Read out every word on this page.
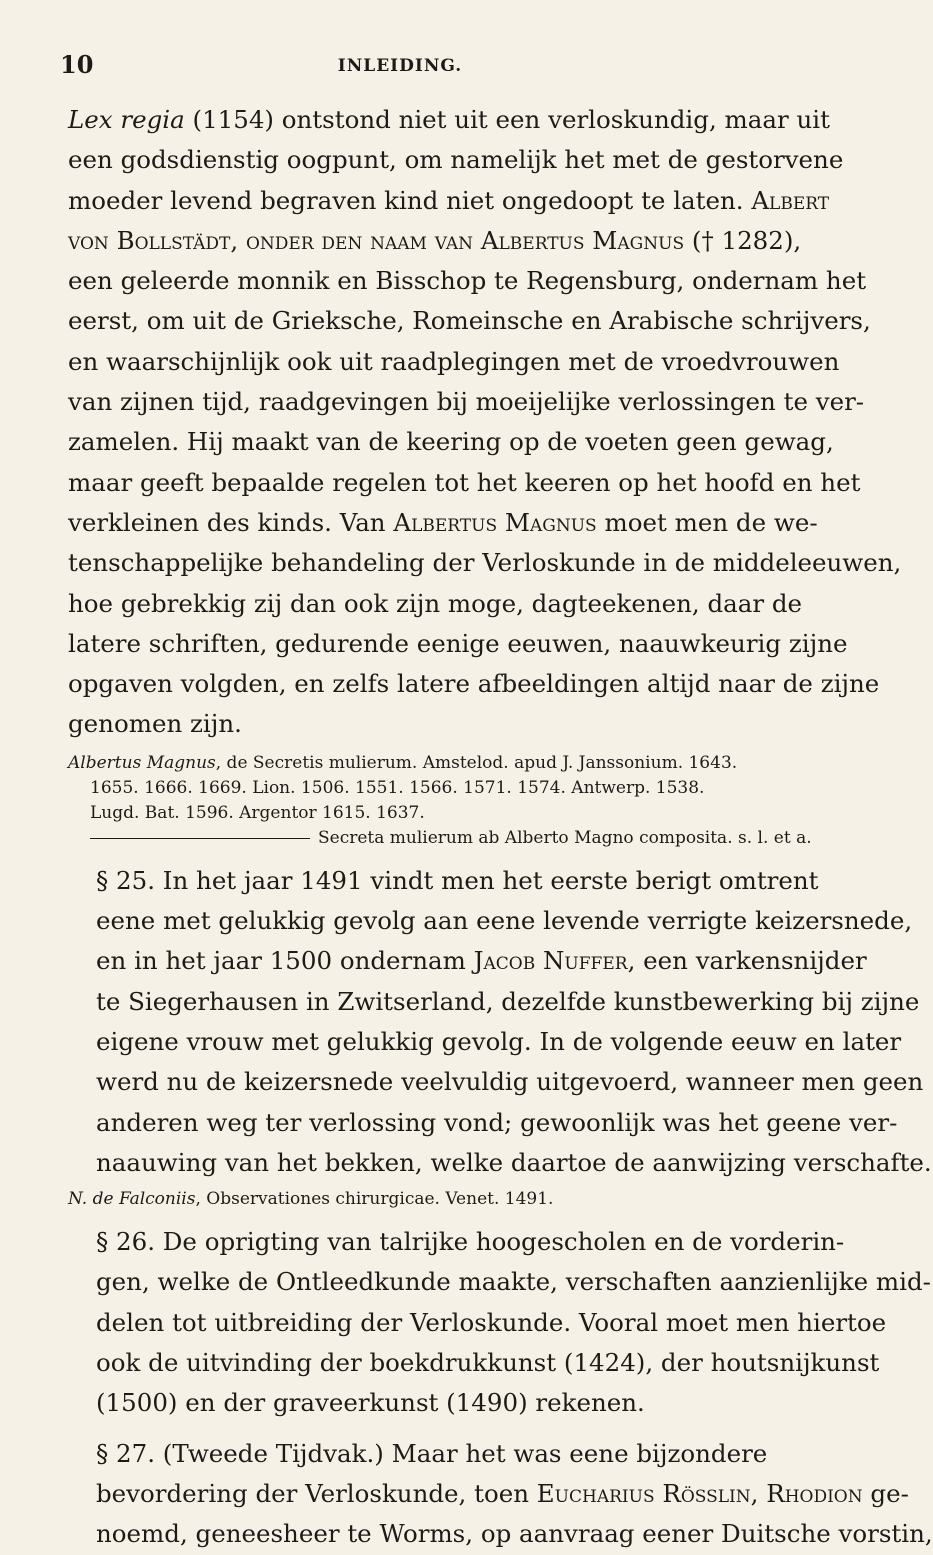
10	INLEIDING.

Lex regia (1154) ontstond niet uit een verloskundig, maar uit
een godsdienstig oogpunt, om namelijk het met de gestorvene
moeder levend begraven kind niet ongedoopt te laten. Albert
von Bollstädt, onder den naam van Albertus Magnus († 1282),
een geleerde monnik en Bisschop te Regensburg, ondernam het
eerst, om uit de Grieksche, Romeinsche en Arabische schrijvers,
en waarschijnlijk ook uit raadplegingen met de vroedvrouwen
van zijnen tijd, raadgevingen bij moeijelijke verlossingen te ver-
zamelen. Hij maakt van de keering op de voeten geen gewag,
maar geeft bepaalde regelen tot het keeren op het hoofd en het
verkleinen des kinds. Van Albertus Magnus moet men de we-
tenschappelijke behandeling der Verloskunde in de middeleeuwen,
hoe gebrekkig zij dan ook zijn moge, dagteekenen, daar de
latere schriften, gedurende eenige eeuwen, naauwkeurig zijne
opgaven volgden, en zelfs latere afbeeldingen altijd naar de zijne
genomen zijn.

Albertus Magnus, de Secretis mulierum. Amstelod. apud J. Janssonium. 1643.
1655. 1666. 1669. Lion. 1506. 1551. 1566. 1571. 1574. Antwerp. 1538.
Lugd. Bat. 1596. Argentor 1615. 1637.
Secreta mulierum ab Alberto Magno composita. s. l. et a.

§ 25. In het jaar 1491 vindt men het eerste berigt omtrent
eene met gelukkig gevolg aan eene levende verrigte keizersnede,
en in het jaar 1500 ondernam Jacob Nuffer, een varkensnijder
te Siegerhausen in Zwitserland, dezelfde kunstbewerking bij zijne
eigene vrouw met gelukkig gevolg. In de volgende eeuw en later
werd nu de keizersnede veelvuldig uitgevoerd, wanneer men geen
anderen weg ter verlossing vond; gewoonlijk was het geene ver-
naauwing van het bekken, welke daartoe de aanwijzing verschafte.

N. de Falconiis, Observationes chirurgicae. Venet. 1491.

§ 26. De oprigting van talrijke hoogescholen en de vorderin-
gen, welke de Ontleedkunde maakte, verschaften aanzienlijke mid-
delen tot uitbreiding der Verloskunde. Vooral moet men hiertoe
ook de uitvinding der boekdrukkunst (1424), der houtsnijkunst
(1500) en der graveerkunst (1490) rekenen.

§ 27. (Tweede Tijdvak.) Maar het was eene bijzondere
bevordering der Verloskunde, toen Eucharius Rösslin, Rhodion ge-
noemd, geneesheer te Worms, op aanvraag eener Duitsche vorstin,
